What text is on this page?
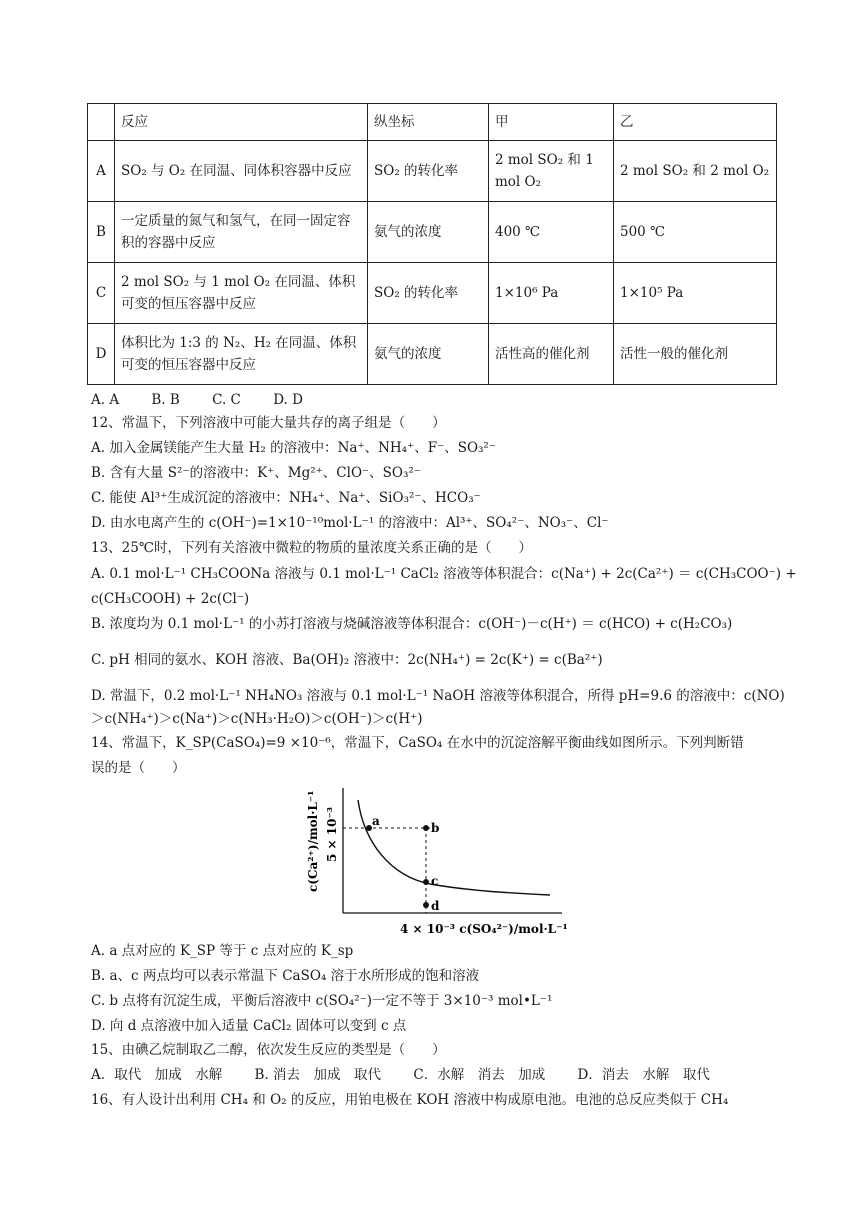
	反应	纵坐标	甲	乙
A	SO₂ 与 O₂ 在同温、同体积容器中反应	SO₂ 的转化率	2 mol SO₂ 和 1 mol O₂	2 mol SO₂ 和 2 mol O₂
B	一定质量的氮气和氢气，在同一固定容积的容器中反应	氨气的浓度	400 ℃	500 ℃
C	2 mol SO₂ 与 1 mol O₂ 在同温、体积可变的恒压容器中反应	SO₂ 的转化率	1×10⁶ Pa	1×10⁵ Pa
D	体积比为 1:3 的 N₂、H₂ 在同温、体积可变的恒压容器中反应	氨气的浓度	活性高的催化剂	活性一般的催化剂
A. A B. B C. C D. D
12、常温下，下列溶液中可能大量共存的离子组是（　　）
A. 加入金属镁能产生大量 H₂ 的溶液中：Na⁺、NH₄⁺、F⁻、SO₃²⁻
B. 含有大量 S²⁻的溶液中：K⁺、Mg²⁺、ClO⁻、SO₃²⁻
C. 能使 Al³⁺生成沉淀的溶液中：NH₄⁺、Na⁺、SiO₃²⁻、HCO₃⁻
D. 由水电离产生的 c(OH⁻)=1×10⁻¹⁰mol·L⁻¹ 的溶液中：Al³⁺、SO₄²⁻、NO₃⁻、Cl⁻
13、25℃时，下列有关溶液中微粒的物质的量浓度关系正确的是（　　）
A. 0.1 mol·L⁻¹ CH₃COONa 溶液与 0.1 mol·L⁻¹ CaCl₂ 溶液等体积混合：c(Na⁺) + 2c(Ca²⁺) ＝ c(CH₃COO⁻) +
c(CH₃COOH) + 2c(Cl⁻)
B. 浓度均为 0.1 mol·L⁻¹ 的小苏打溶液与烧碱溶液等体积混合：c(OH⁻)－c(H⁺) ＝ c(HCO) + c(H₂CO₃)
C. pH 相同的氨水、KOH 溶液、Ba(OH)₂ 溶液中：2c(NH₄⁺) = 2c(K⁺) = c(Ba²⁺)
D. 常温下，0.2 mol·L⁻¹ NH₄NO₃ 溶液与 0.1 mol·L⁻¹ NaOH 溶液等体积混合，所得 pH=9.6 的溶液中：c(NO)
＞c(NH₄⁺)＞c(Na⁺)＞c(NH₃·H₂O)＞c(OH⁻)＞c(H⁺)
14、常温下，K_SP(CaSO₄)=9 ×10⁻⁶，常温下，CaSO₄ 在水中的沉淀溶解平衡曲线如图所示。下列判断错
误的是（　　）
a	b
c
d
c(Ca²⁺)/mol·L⁻¹ 5 × 10⁻³
4 × 10⁻³ c(SO₄²⁻)/mol·L⁻¹
A. a 点对应的 K_SP 等于 c 点对应的 K_sp
B. a、c 两点均可以表示常温下 CaSO₄ 溶于水所形成的饱和溶液
C. b 点将有沉淀生成，平衡后溶液中 c(SO₄²⁻)一定不等于 3×10⁻³ mol•L⁻¹
D. 向 d 点溶液中加入适量 CaCl₂ 固体可以变到 c 点
15、由碘乙烷制取乙二醇，依次发生反应的类型是（　　）
A．取代　加成　水解 B. 消去　加成　取代 C．水解　消去　加成 D．消去　水解　取代
16、有人设计出利用 CH₄ 和 O₂ 的反应，用铂电极在 KOH 溶液中构成原电池。电池的总反应类似于 CH₄
